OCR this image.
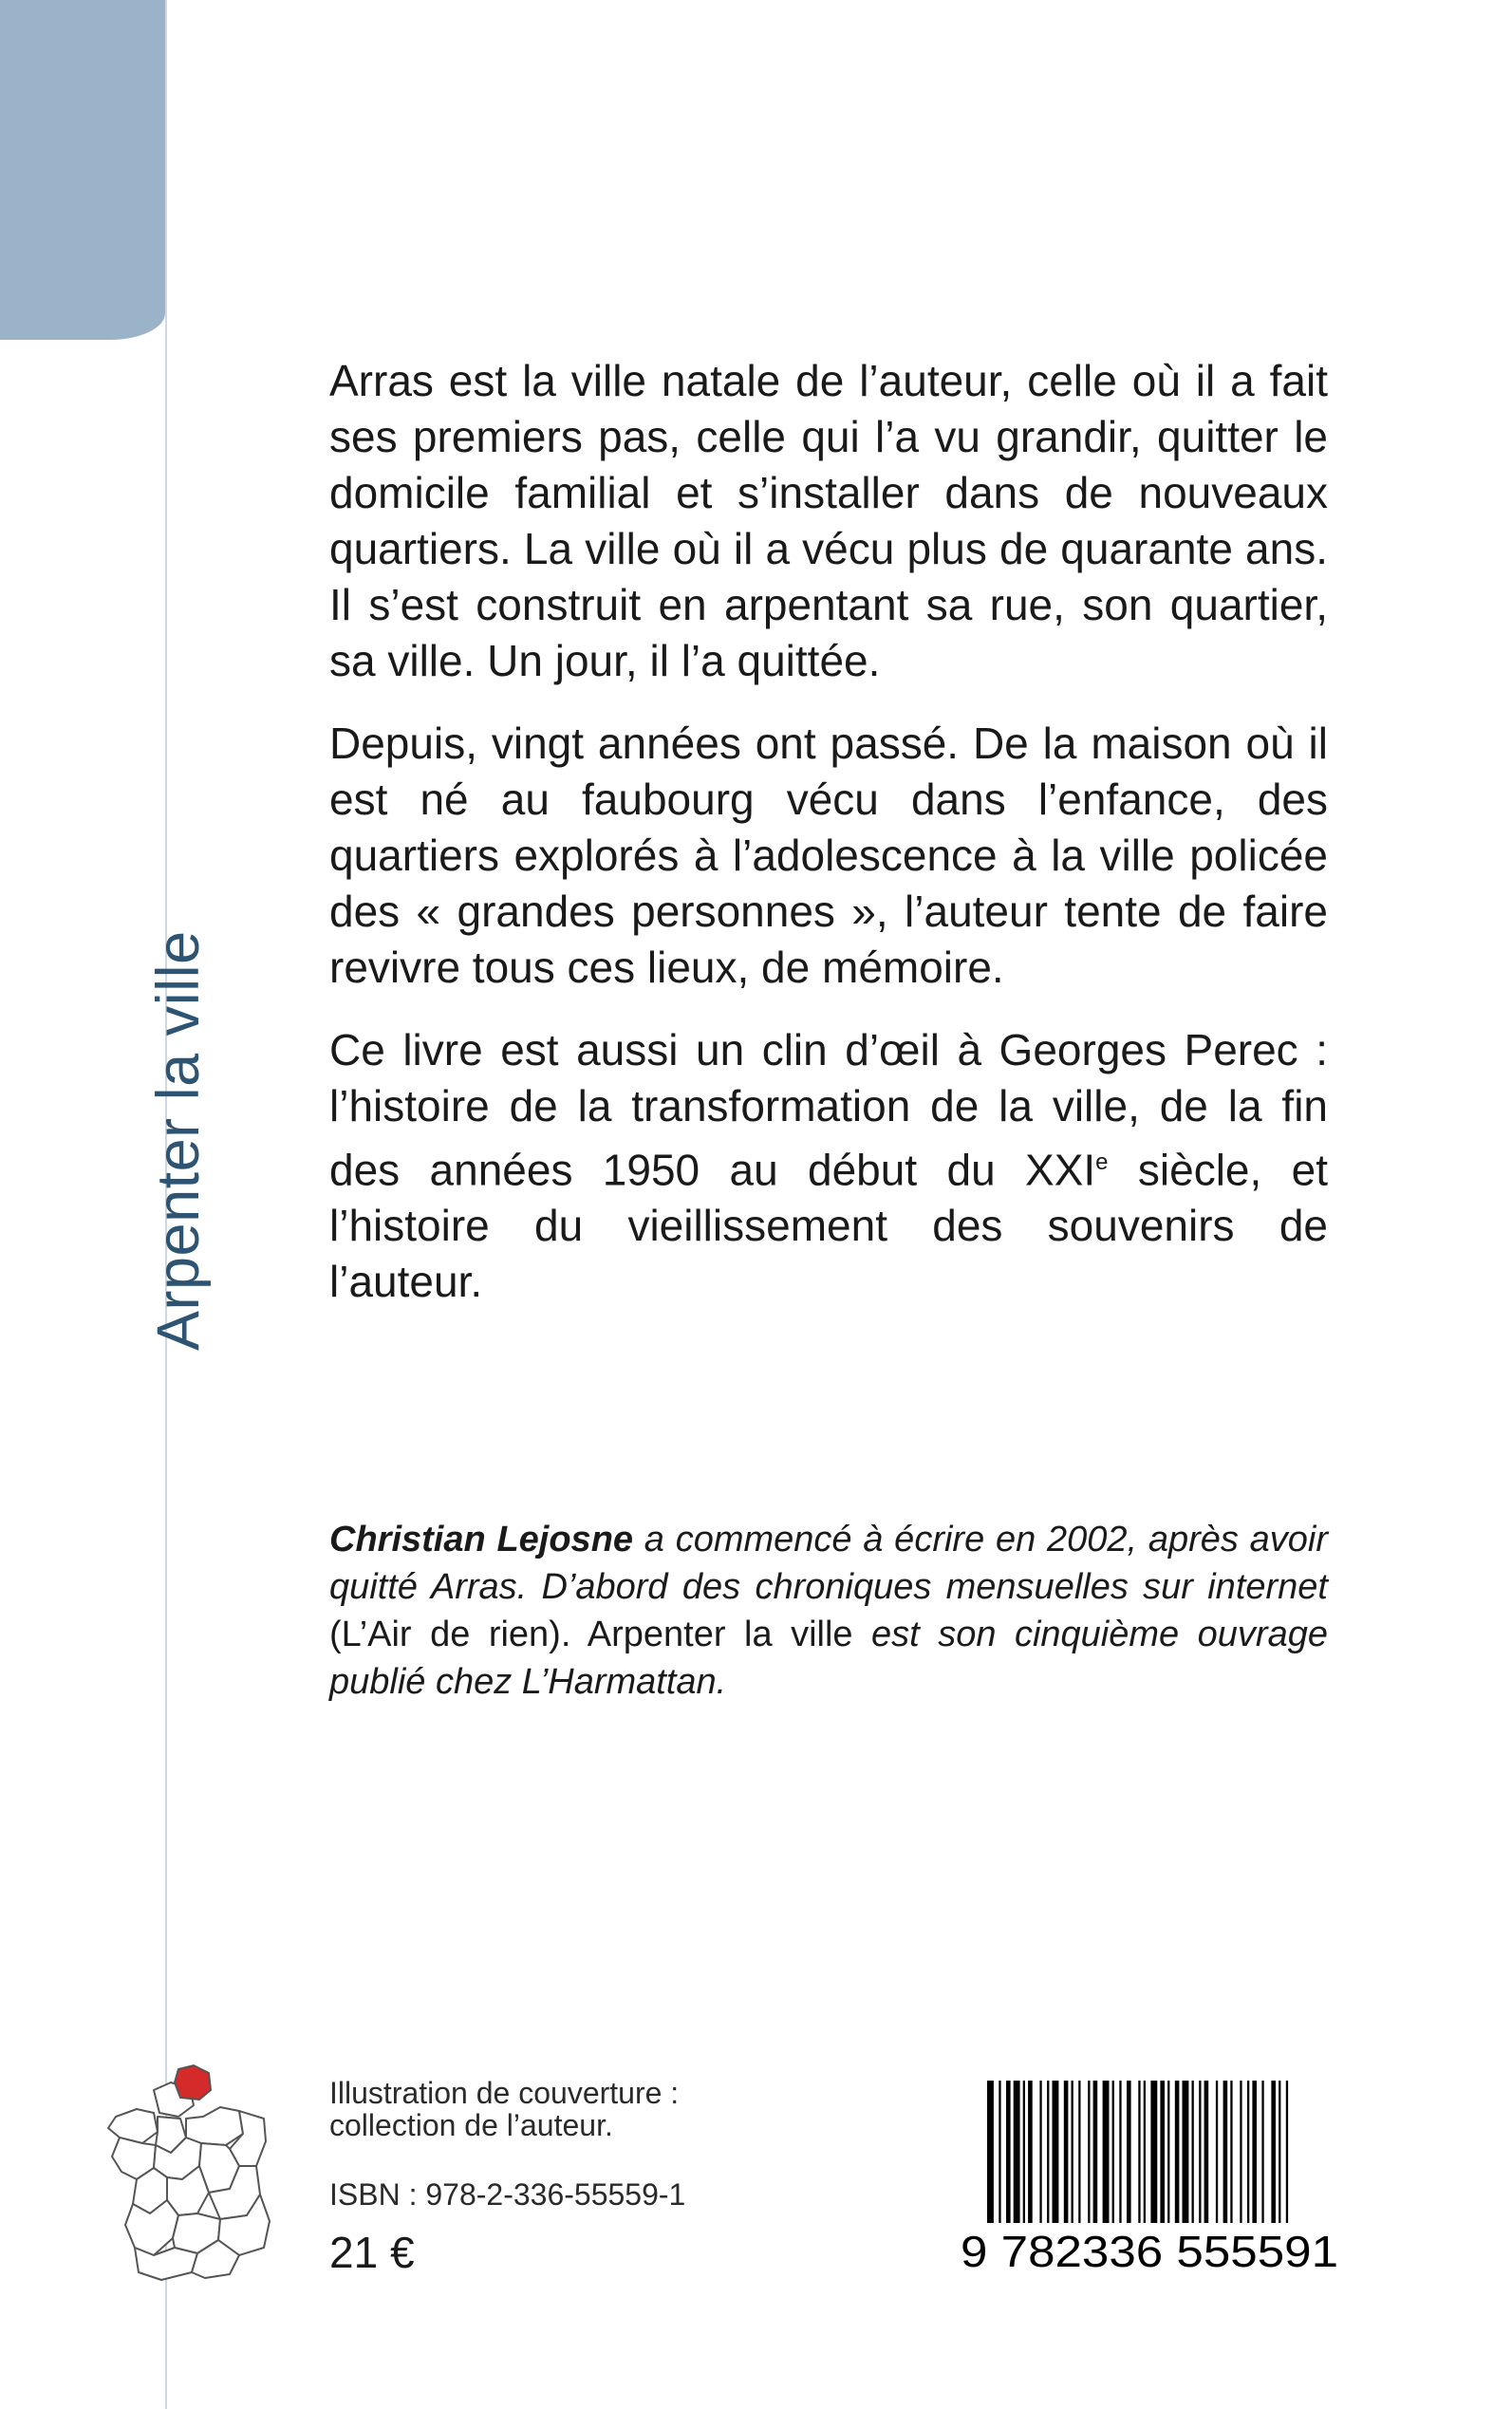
Arpenter la ville

Arras est la ville natale de l’auteur, celle où il a fait ses premiers pas, celle qui l’a vu grandir, quitter le domicile familial et s’installer dans de nouveaux quartiers. La ville où il a vécu plus de quarante ans. Il s’est construit en arpentant sa rue, son quartier, sa ville. Un jour, il l’a quittée.

Depuis, vingt années ont passé. De la maison où il est né au faubourg vécu dans l’enfance, des quartiers explorés à l’adolescence à la ville policée des « grandes personnes », l’auteur tente de faire revivre tous ces lieux, de mémoire.

Ce livre est aussi un clin d’œil à Georges Perec : l’histoire de la transformation de la ville, de la fin des années 1950 au début du XXIe siècle, et l’histoire du vieillissement des souvenirs de l’auteur.

Christian Lejosne a commencé à écrire en 2002, après avoir quitté Arras. D’abord des chroniques mensuelles sur internet (L’Air de rien). Arpenter la ville est son cinquième ouvrage publié chez L’Harmattan.

Illustration de couverture :
collection de l’auteur.
ISBN : 978-2-336-55559-1
21 €	9 782336 555591
